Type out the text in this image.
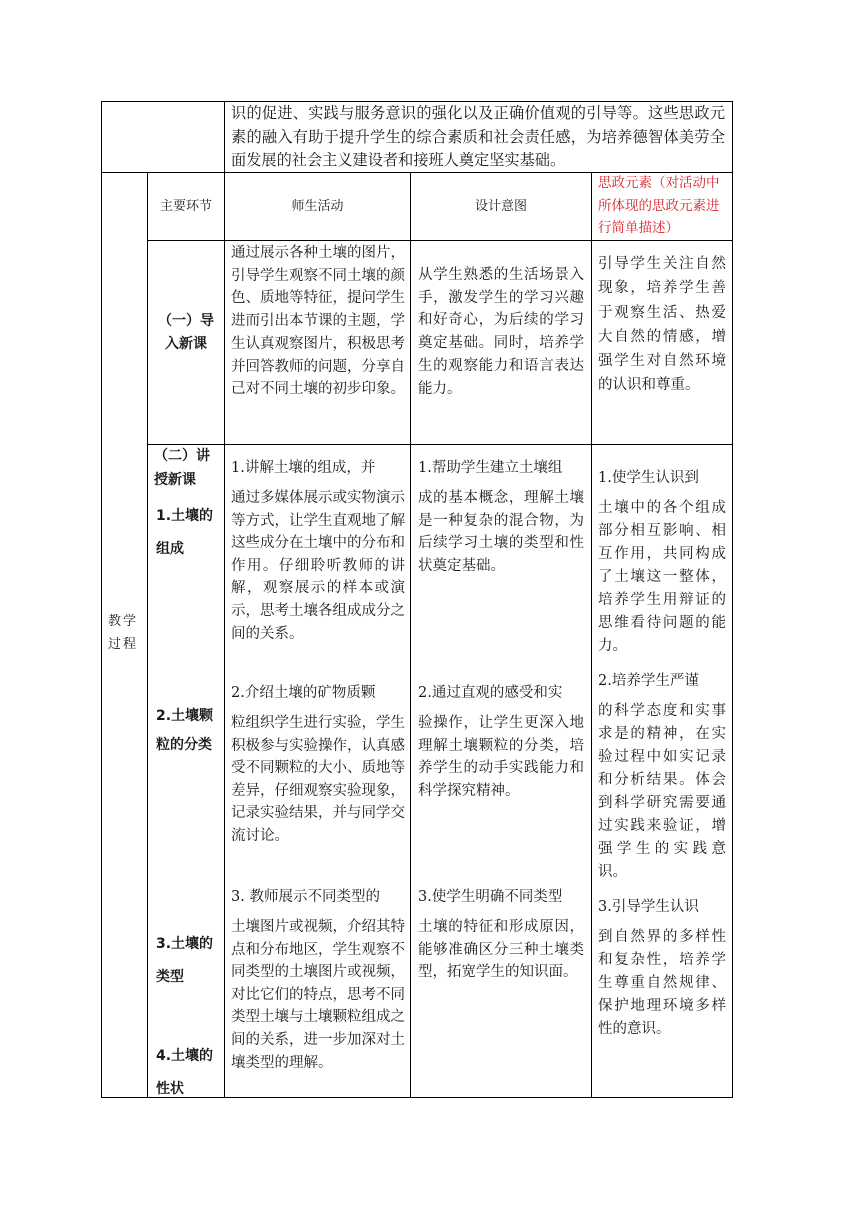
识的促进、实践与服务意识的强化以及正确价值观的引导等。这些思政元素的融入有助于提升学生的综合素质和社会责任感，为培养德智体美劳全面发展的社会主义建设者和接班人奠定坚实基础。
教学过程
主要环节	师生活动	设计意图
思政元素（对活动中所体现的思政元素进行简单描述）
（一）导入新课
通过展示各种土壤的图片，引导学生观察不同土壤的颜色、质地等特征，提问学生进而引出本节课的主题，学生认真观察图片，积极思考并回答教师的问题，分享自己对不同土壤的初步印象。
从学生熟悉的生活场景入手，激发学生的学习兴趣和好奇心，为后续的学习奠定基础。同时，培养学生的观察能力和语言表达能力。
引导学生关注自然现象，培养学生善于观察生活、热爱大自然的情感，增强学生对自然环境的认识和尊重。
（二）讲授新课
1.土壤的组成
2.土壤颗粒的分类
3.土壤的类型
4.土壤的性状

1.讲解土壤的组成，并

通过多媒体展示或实物演示等方式，让学生直观地了解这些成分在土壤中的分布和作用。仔细聆听教师的讲解，观察展示的样本或演示，思考土壤各组成成分之间的关系。

2.介绍土壤的矿物质颗

粒组织学生进行实验，学生积极参与实验操作，认真感受不同颗粒的大小、质地等差异，仔细观察实验现象，记录实验结果，并与同学交流讨论。

3. 教师展示不同类型的

土壤图片或视频，介绍其特点和分布地区，学生观察不同类型的土壤图片或视频，对比它们的特点，思考不同类型土壤与土壤颗粒组成之间的关系，进一步加深对土壤类型的理解。

1.帮助学生建立土壤组

成的基本概念，理解土壤是一种复杂的混合物，为后续学习土壤的类型和性状奠定基础。

2.通过直观的感受和实

验操作，让学生更深入地理解土壤颗粒的分类，培养学生的动手实践能力和科学探究精神。

3.使学生明确不同类型

土壤的特征和形成原因，能够准确区分三种土壤类型，拓宽学生的知识面。

1.使学生认识到

土壤中的各个组成部分相互影响、相互作用，共同构成了土壤这一整体，培养学生用辩证的思维看待问题的能力。

2.培养学生严谨

的科学态度和实事求是的精神，在实验过程中如实记录和分析结果。体会到科学研究需要通过实践来验证，增强学生的实践意识。

3.引导学生认识

到自然界的多样性和复杂性，培养学生尊重自然规律、保护地理环境多样性的意识。
